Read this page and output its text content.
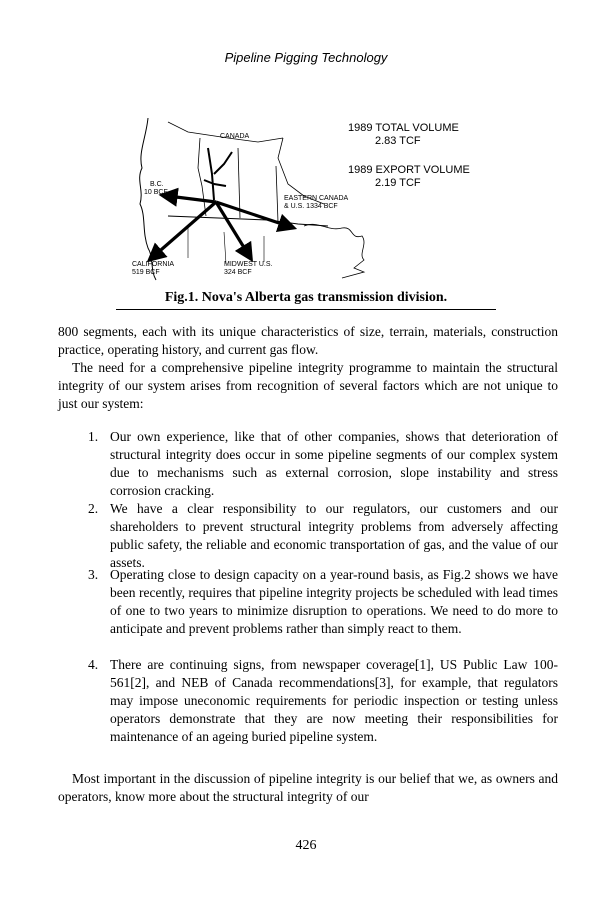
Pipeline Pigging Technology
CANADA
B.C.
10 BCF
EASTERN CANADA
& U.S. 1334 BCF
CALIFORNIA
519 BCF
MIDWEST U.S.
324 BCF
1989 TOTAL VOLUME
2.83 TCF
1989 EXPORT VOLUME
2.19 TCF
Fig.1. Nova's Alberta gas transmission division.

800 segments, each with its unique characteristics of size, terrain, materials, construction practice, operating history, and current gas flow.

The need for a comprehensive pipeline integrity programme to maintain the structural integrity of our system arises from recognition of several factors which are not unique to just our system:

1. Our own experience, like that of other companies, shows that deterioration of structural integrity does occur in some pipeline segments of our complex system due to mechanisms such as external corrosion, slope instability and stress corrosion cracking.
2. We have a clear responsibility to our regulators, our customers and our shareholders to prevent structural integrity problems from adversely affecting public safety, the reliable and economic transportation of gas, and the value of our assets.
3. Operating close to design capacity on a year-round basis, as Fig.2 shows we have been recently, requires that pipeline integrity projects be scheduled with lead times of one to two years to minimize disruption to operations. We need to do more to anticipate and prevent problems rather than simply react to them.
4. There are continuing signs, from newspaper coverage[1], US Public Law 100-561[2], and NEB of Canada recommendations[3], for example, that regulators may impose uneconomic requirements for periodic inspection or testing unless operators demonstrate that they are now meeting their responsibilities for maintenance of an ageing buried pipeline system.

Most important in the discussion of pipeline integrity is our belief that we, as owners and operators, know more about the structural integrity of our

426
